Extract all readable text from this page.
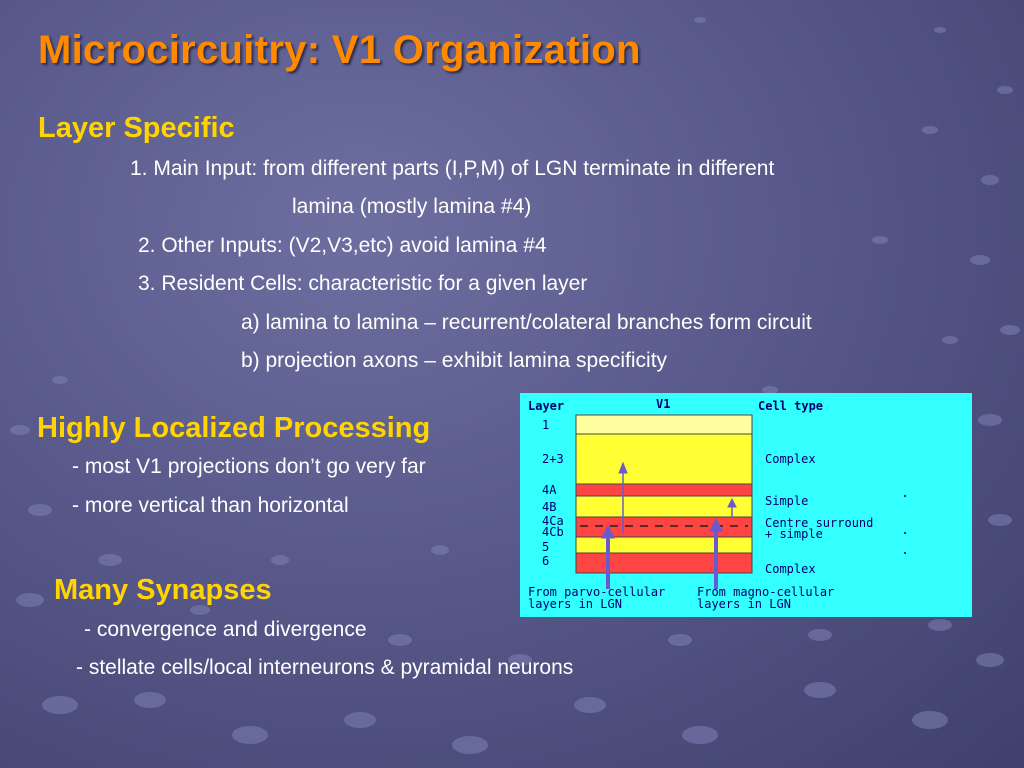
Microcircuitry: V1 Organization
Layer Specific

1. Main Input: from different parts (I,P,M) of LGN terminate in different

lamina (mostly lamina #4)

2. Other Inputs: (V2,V3,etc) avoid lamina #4

3. Resident Cells: characteristic for a given layer

a) lamina to lamina – recurrent/colateral branches form circuit

b) projection axons – exhibit lamina specificity

Highly Localized Processing

- most V1 projections don’t go very far

- more vertical than horizontal

Many Synapses

- convergence and divergence

- stellate cells/local interneurons & pyramidal neurons

Layer	V1	Cell type
1
2+3
4A
4B
4Ca
4Cb
5
6
Complex
Simple
Centre surround
+ simple
Complex
From parvo-cellular
layers in LGN
From magno-cellular
layers in LGN
